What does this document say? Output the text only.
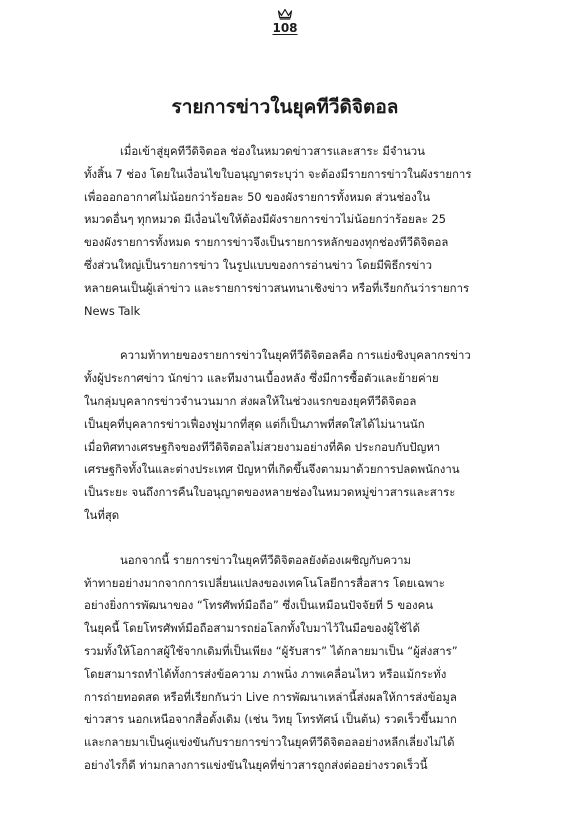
108
รายการข่าวในยุคทีวีดิจิตอล

เมื่อเข้าสู่ยุคทีวีดิจิตอล ช่องในหมวดข่าวสารและสาระ มีจำนวน
ทั้งสิ้น 7 ช่อง โดยในเงื่อนไขใบอนุญาตระบุว่า จะต้องมีรายการข่าวในผังรายการ
เพื่อออกอากาศไม่น้อยกว่าร้อยละ 50 ของผังรายการทั้งหมด ส่วนช่องใน
หมวดอื่นๆ ทุกหมวด มีเงื่อนไขให้ต้องมีผังรายการข่าวไม่น้อยกว่าร้อยละ 25
ของผังรายการทั้งหมด รายการข่าวจึงเป็นรายการหลักของทุกช่องทีวีดิจิตอล
ซึ่งส่วนใหญ่เป็นรายการข่าว ในรูปแบบของการอ่านข่าว โดยมีพิธีกรข่าว
หลายคนเป็นผู้เล่าข่าว และรายการข่าวสนทนาเชิงข่าว หรือที่เรียกกันว่ารายการ
News Talk

ความท้าทายของรายการข่าวในยุคทีวีดิจิตอลคือ การแย่งชิงบุคลากรข่าว
ทั้งผู้ประกาศข่าว นักข่าว และทีมงานเบื้องหลัง ซึ่งมีการซื้อตัวและย้ายค่าย
ในกลุ่มบุคลากรข่าวจำนวนมาก ส่งผลให้ในช่วงแรกของยุคทีวีดิจิตอล
เป็นยุคที่บุคลากรข่าวเฟื่องฟูมากที่สุด แต่ก็เป็นภาพที่สดใสได้ไม่นานนัก
เมื่อทิศทางเศรษฐกิจของทีวีดิจิตอลไม่สวยงามอย่างที่คิด ประกอบกับปัญหา
เศรษฐกิจทั้งในและต่างประเทศ ปัญหาที่เกิดขึ้นจึงตามมาด้วยการปลดพนักงาน
เป็นระยะ จนถึงการคืนใบอนุญาตของหลายช่องในหมวดหมู่ข่าวสารและสาระ
ในที่สุด

นอกจากนี้ รายการข่าวในยุคทีวีดิจิตอลยังต้องเผชิญกับความ
ท้าทายอย่างมากจากการเปลี่ยนแปลงของเทคโนโลยีการสื่อสาร โดยเฉพาะ
อย่างยิ่งการพัฒนาของ “โทรศัพท์มือถือ” ซึ่งเป็นเหมือนปัจจัยที่ 5 ของคน
ในยุคนี้ โดยโทรศัพท์มือถือสามารถย่อโลกทั้งใบมาไว้ในมือของผู้ใช้ได้
รวมทั้งให้โอกาสผู้ใช้จากเดิมที่เป็นเพียง “ผู้รับสาร” ได้กลายมาเป็น “ผู้ส่งสาร”
โดยสามารถทำได้ทั้งการส่งข้อความ ภาพนิ่ง ภาพเคลื่อนไหว หรือแม้กระทั่ง
การถ่ายทอดสด หรือที่เรียกกันว่า Live การพัฒนาเหล่านี้ส่งผลให้การส่งข้อมูล
ข่าวสาร นอกเหนือจากสื่อดั้งเดิม (เช่น วิทยุ โทรทัศน์ เป็นต้น) รวดเร็วขึ้นมาก
และกลายมาเป็นคู่แข่งขันกับรายการข่าวในยุคทีวีดิจิตอลอย่างหลีกเลี่ยงไม่ได้
อย่างไรก็ดี ท่ามกลางการแข่งขันในยุคที่ข่าวสารถูกส่งต่ออย่างรวดเร็วนี้
